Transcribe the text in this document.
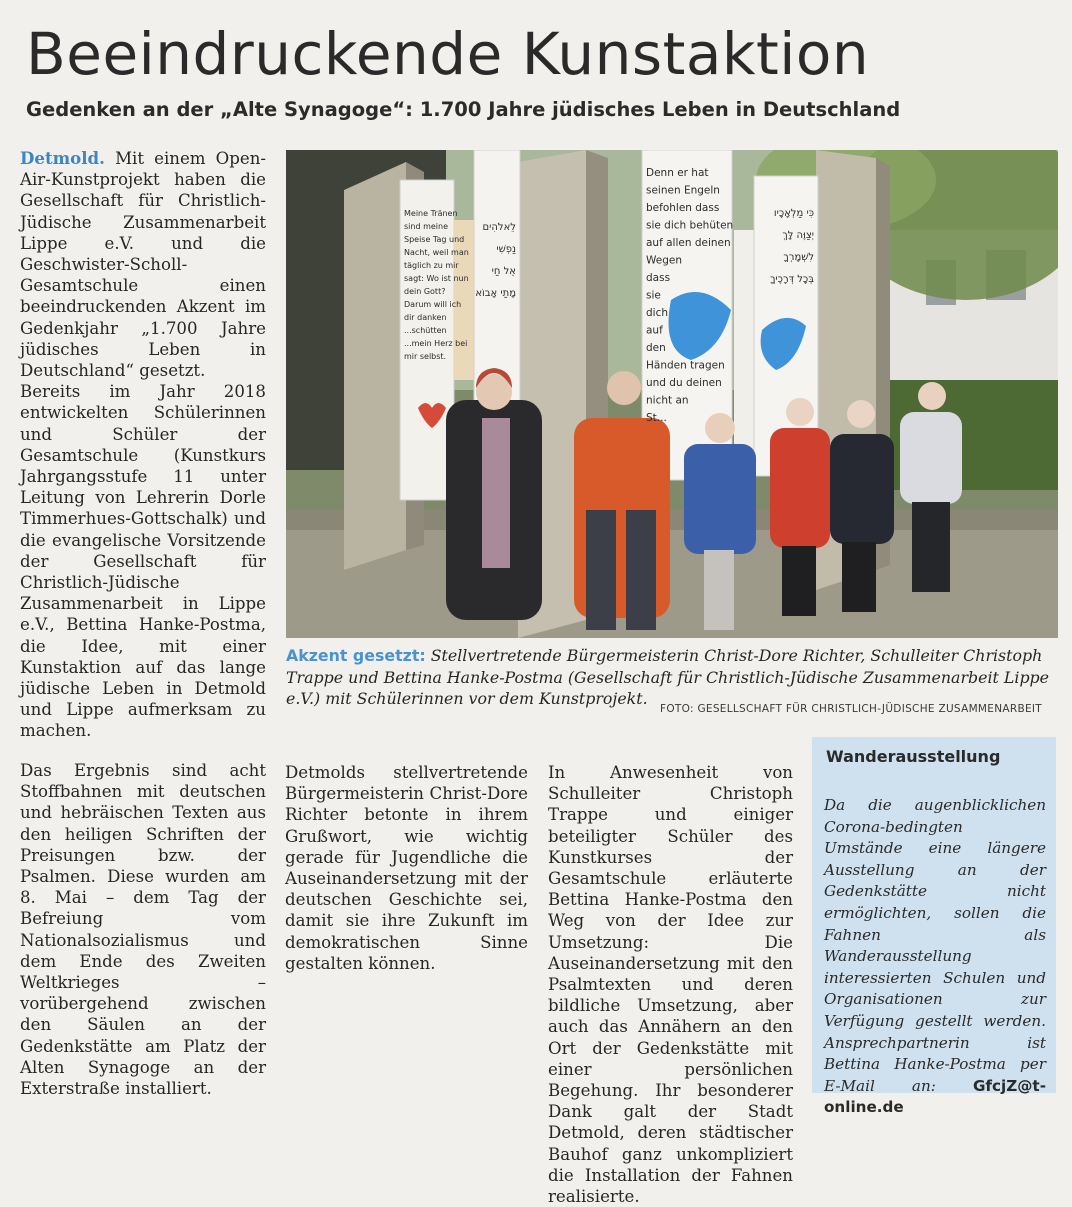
Beeindruckende Kunstaktion
Gedenken an der „Alte Synagoge“: 1.700 Jahre jüdisches Leben in Deutschland

Detmold. Mit einem Open-Air-Kunstprojekt haben die Gesellschaft für Christlich-Jüdische Zusammenarbeit Lippe e.V. und die Geschwister-Scholl-Gesamtschule einen beeindruckenden Akzent im Gedenkjahr „1.700 Jahre jüdisches Leben in Deutschland“ gesetzt.

Bereits im Jahr 2018 entwickelten Schülerinnen und Schüler der Gesamtschule (Kunstkurs Jahrgangsstufe 11 unter Leitung von Lehrerin Dorle Timmerhues-Gottschalk) und die evangelische Vorsitzende der Gesellschaft für Christlich-Jüdische Zusammenarbeit in Lippe e.V., Bettina Hanke-Postma, die Idee, mit einer Kunstaktion auf das lange jüdische Leben in Detmold und Lippe aufmerksam zu machen.

Das Ergebnis sind acht Stoffbahnen mit deutschen und hebräischen Texten aus den heiligen Schriften der Preisungen bzw. der Psalmen. Diese wurden am 8. Mai – dem Tag der Befreiung vom Nationalsozialismus und dem Ende des Zweiten Weltkrieges – vorübergehend zwischen den Säulen an der Gedenkstätte am Platz der Alten Synagoge an der Exterstraße installiert.

Detmolds stellvertretende Bürgermeisterin Christ-Dore Richter betonte in ihrem Grußwort, wie wichtig gerade für Jugendliche die Auseinandersetzung mit der deutschen Geschichte sei, damit sie ihre Zukunft im demokratischen Sinne gestalten können.

In Anwesenheit von Schulleiter Christoph Trappe und einiger beteiligter Schüler des Kunstkurses der Gesamtschule erläuterte Bettina Hanke-Postma den Weg von der Idee zur Umsetzung: Die Auseinandersetzung mit den Psalmtexten und deren bildliche Umsetzung, aber auch das Annähern an den Ort der Gedenkstätte mit einer persönlichen Begehung. Ihr besonderer Dank galt der Stadt Detmold, deren städtischer Bauhof ganz unkompliziert die Installation der Fahnen realisierte.

Meine Tränen
sind meine
Speise Tag und
Nacht, weil man
täglich zu mir
sagt: Wo ist nun
dein Gott?
Darum will ich
dir danken
...schütten
...mein Herz bei
mir selbst.
Denn er hat
seinen Engeln
befohlen dass
sie dich behüten
auf allen deinen
Wegen
dass
sie
dich
auf
den
Händen tragen
und du deinen
nicht an
St...
לֵאלֹהִים
נַפְשִׁי
אֵל חַי
מָתַי אָבוֹא
כִּי מַלְאָכָיו
יְצַוֶּה לָּךְ
לִשְׁמָרְךָ
בְּכָל דְּרָכֶיךָ
Akzent gesetzt: Stellvertretende Bürgermeisterin Christ-Dore Richter, Schulleiter Christoph Trappe und Bettina Hanke-Postma (Gesellschaft für Christlich-Jüdische Zusammenarbeit Lippe e.V.) mit Schülerinnen vor dem Kunstprojekt.
FOTO: GESELLSCHAFT FÜR CHRISTLICH-JÜDISCHE ZUSAMMENARBEIT
Wanderausstellung
Da die augenblicklichen Corona-bedingten Umstände eine längere Ausstellung an der Gedenkstätte nicht ermöglichten, sollen die Fahnen als Wanderausstellung interessierten Schulen und Organisationen zur Verfügung gestellt werden. Ansprechpartnerin ist Bettina Hanke-Postma per E-Mail an: GfcjZ@t-online.de
